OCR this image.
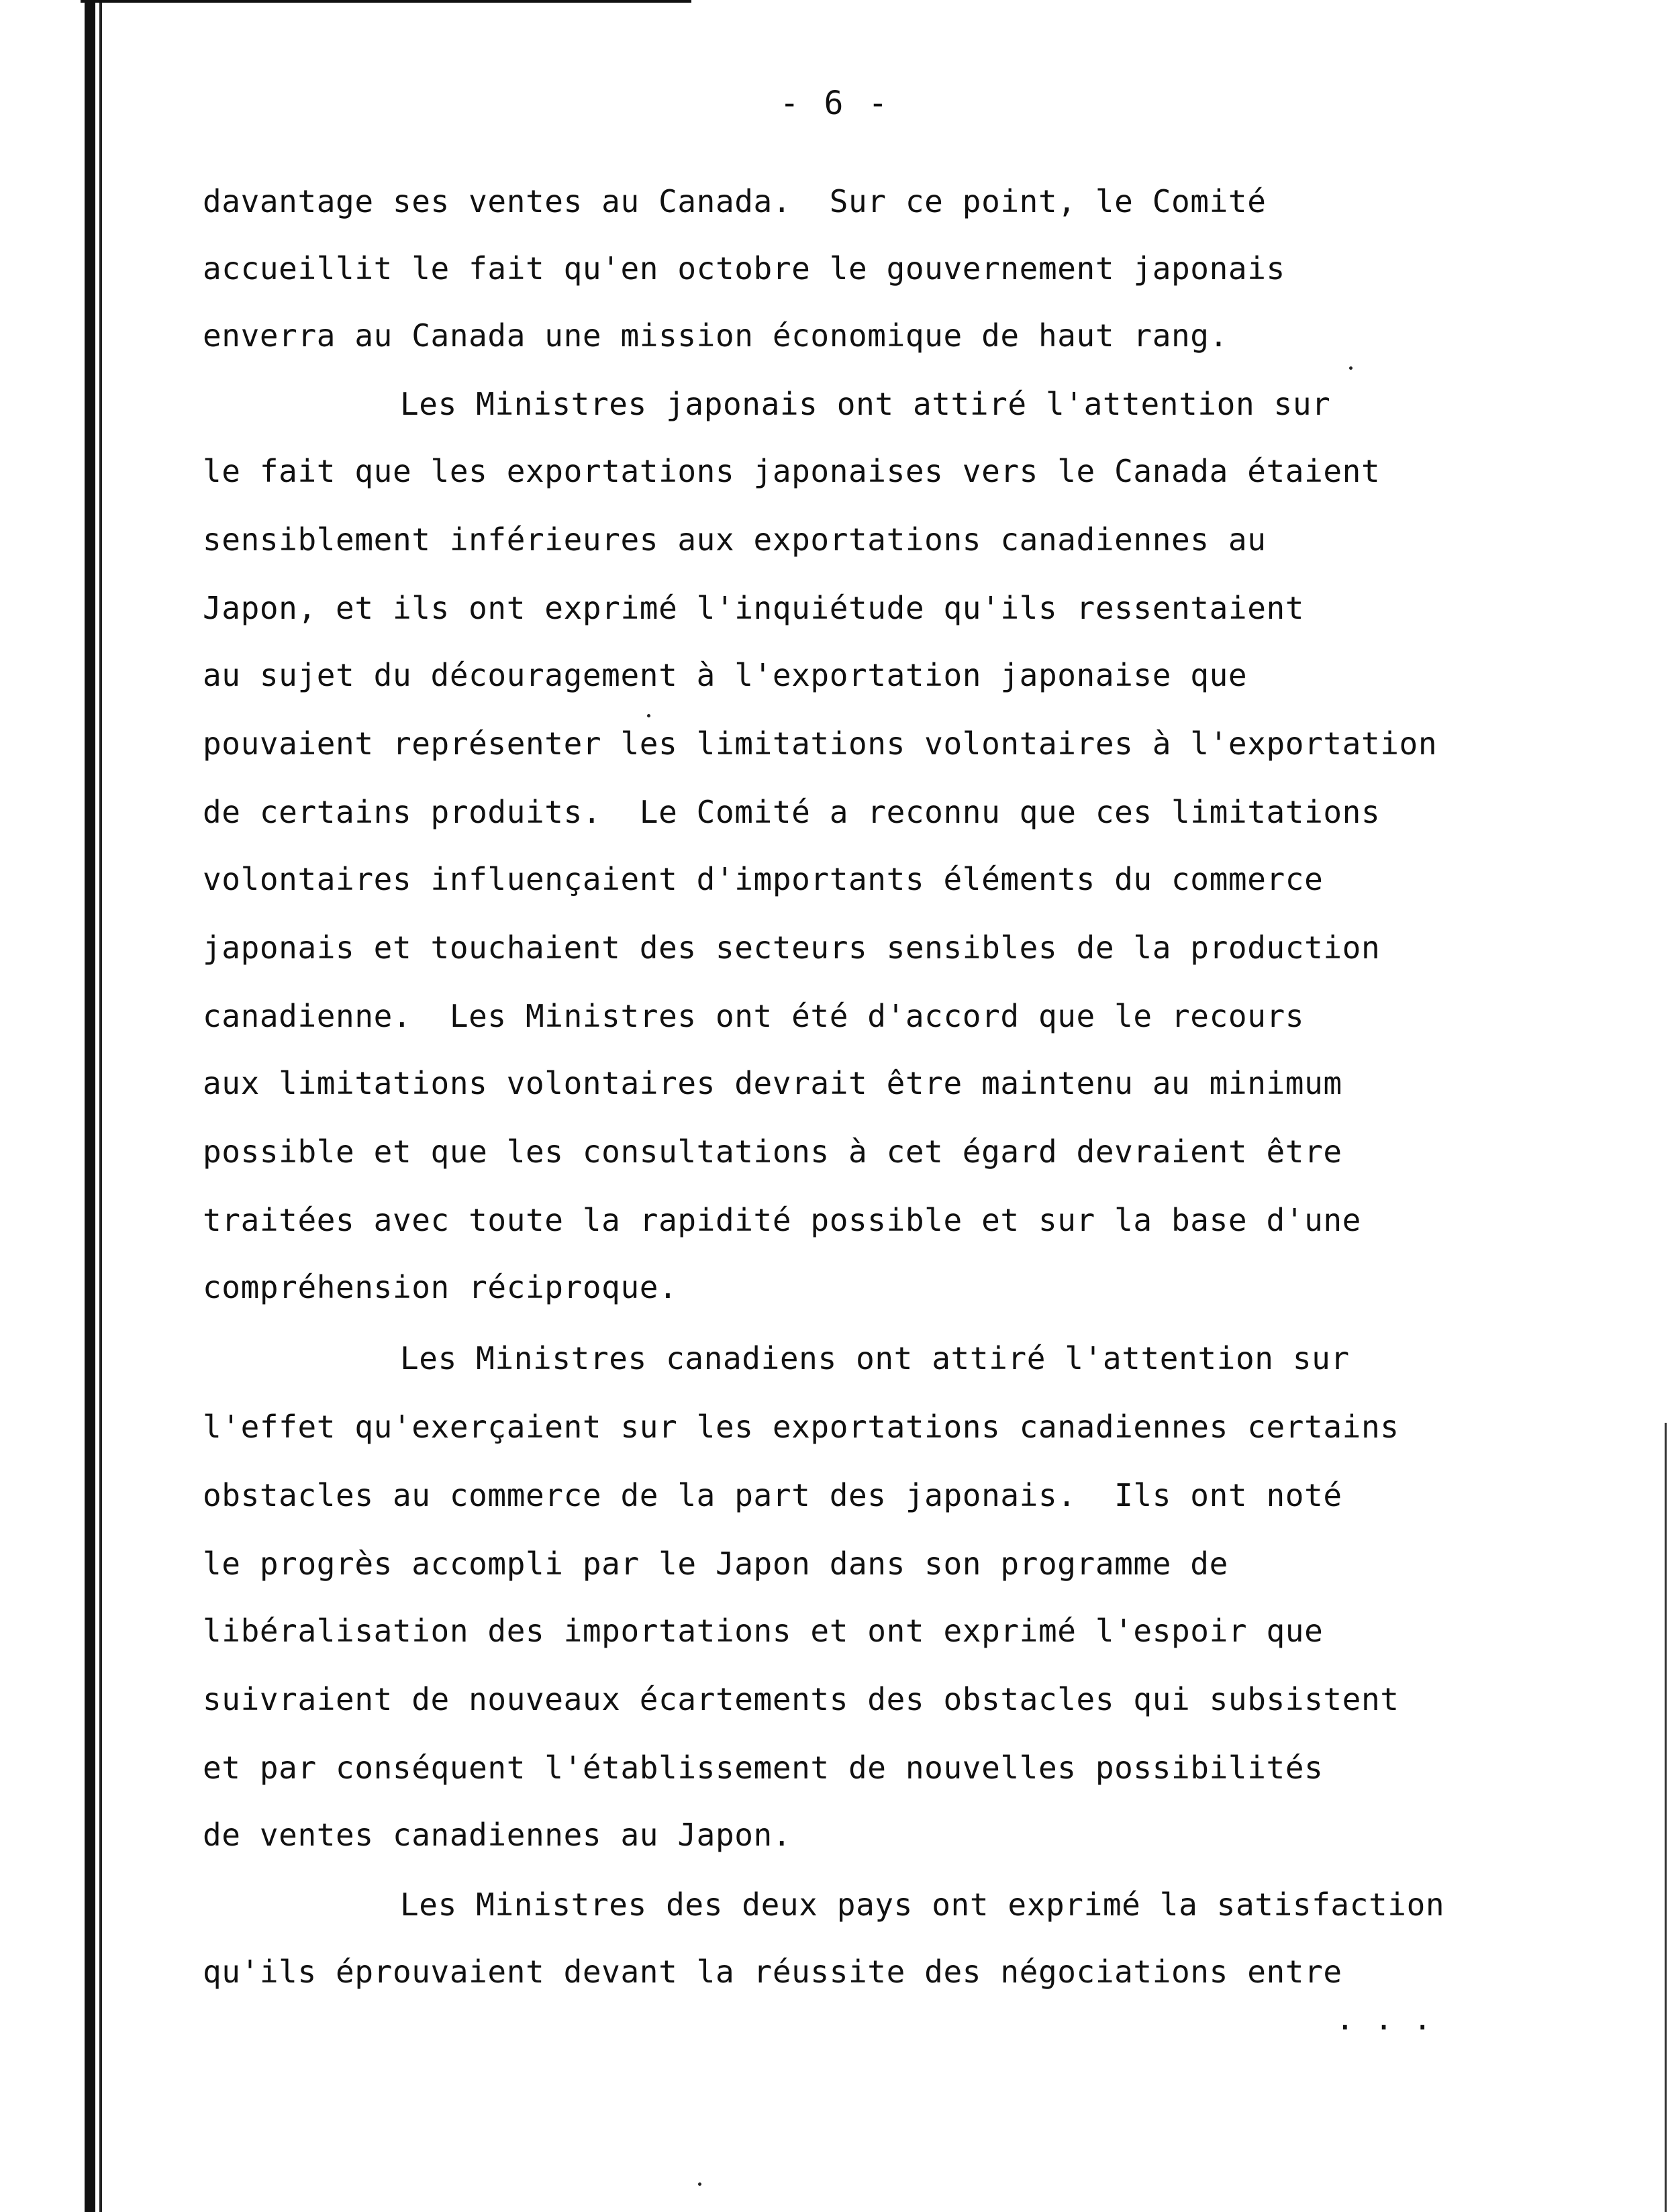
- 6 -
davantage ses ventes au Canada.  Sur ce point, le Comité
accueillit le fait qu'en octobre le gouvernement japonais
enverra au Canada une mission économique de haut rang.
Les Ministres japonais ont attiré l'attention sur
le fait que les exportations japonaises vers le Canada étaient
sensiblement inférieures aux exportations canadiennes au
Japon, et ils ont exprimé l'inquiétude qu'ils ressentaient
au sujet du découragement à l'exportation japonaise que
pouvaient représenter les limitations volontaires à l'exportation
de certains produits.  Le Comité a reconnu que ces limitations
volontaires influençaient d'importants éléments du commerce
japonais et touchaient des secteurs sensibles de la production
canadienne.  Les Ministres ont été d'accord que le recours
aux limitations volontaires devrait être maintenu au minimum
possible et que les consultations à cet égard devraient être
traitées avec toute la rapidité possible et sur la base d'une
compréhension réciproque.
Les Ministres canadiens ont attiré l'attention sur
l'effet qu'exerçaient sur les exportations canadiennes certains
obstacles au commerce de la part des japonais.  Ils ont noté
le progrès accompli par le Japon dans son programme de
libéralisation des importations et ont exprimé l'espoir que
suivraient de nouveaux écartements des obstacles qui subsistent
et par conséquent l'établissement de nouvelles possibilités
de ventes canadiennes au Japon.
Les Ministres des deux pays ont exprimé la satisfaction
qu'ils éprouvaient devant la réussite des négociations entre
...
